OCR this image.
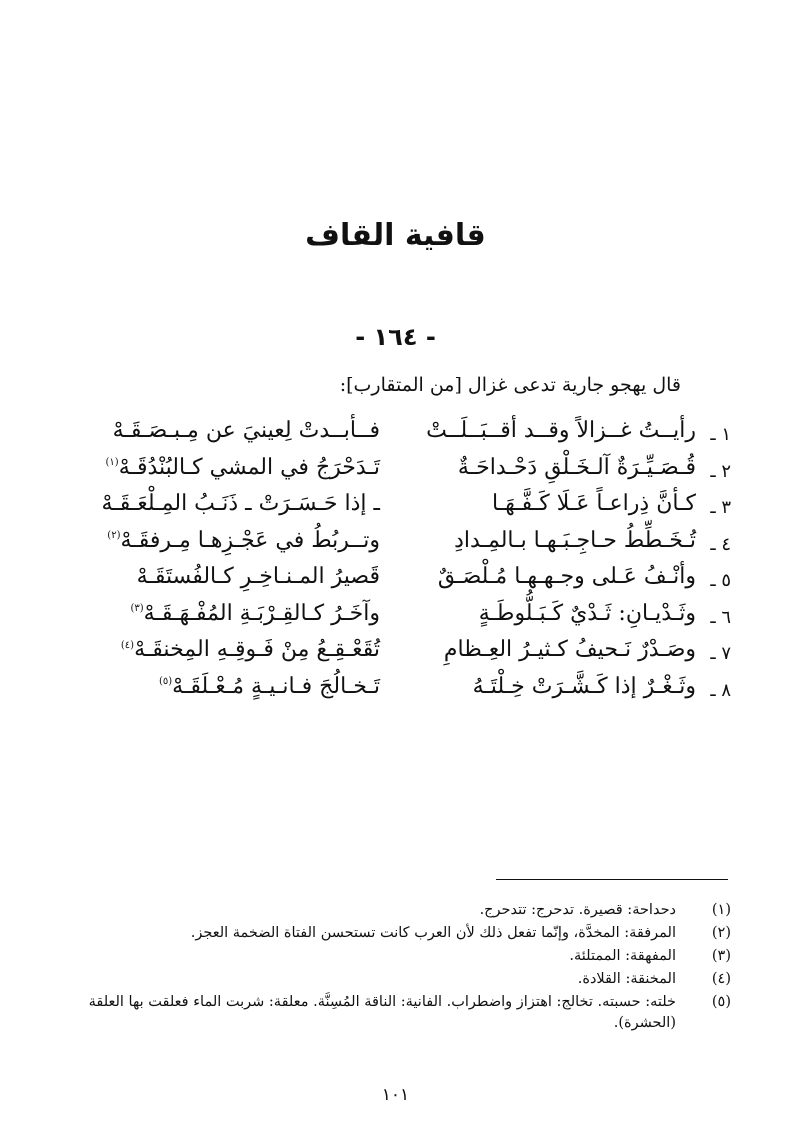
قافية القاف
- ١٦٤ -
قال يهجو جارية تدعى غزال [من المتقارب]:
١ ـ
رأيــتُ غــزالاً وقــد أقــبَــلَــتْ
فــأبــدتْ لِعينيَ عن مِـبـصَـقَـهْ
٢ ـ
قُـصَـيِّـرَةٌ آلـخَـلْقِ دَحْـداحَـةٌ
تَـدَحْرَجُ في المشي كـالبُنْدُقَـهْ$^{(١)}$
٣ ـ
كـأنَّ ذِراعـاً عَـلَا كَـفَّـهَـا
ـ إذا حَـسَـرَتْ ـ ذَنَـبُ المِـلْعَـقَـهْ
٤ ـ
تُـخَـطِّطُ حـاجِـبَـهـا بـالمِـدادِ
وتــربُطُ في عَجْـزِهـا مِـرفقَـهْ$^{(٢)}$
٥ ـ
وأنْـفُ عَـلى وجـهـهـا مُـلْصَـقٌ
قَصيرُ المـنـاخِـرِ كـالفُستَقَـهْ
٦ ـ
وثَـدْيـانِ: ثَـدْيٌ كَـبَـلُّوطَـةٍ
وآخَـرُ كـالقِـرْبَـةِ المُفْـهَـقَـهْ$^{(٣)}$
٧ ـ
وصَـدْرٌ نَـحيفُ كـثيـرُ العِـظامِ
تُقَعْـقِـعُ مِنْ فَـوقِـهِ المِخنقَـهْ$^{(٤)}$
٨ ـ
وثَـغْـرٌ إذا كَـشَّـرَتْ خِـلْتَـهُ
تَـخـالُجَ فـانـيـةٍ مُـعْـلَقَـهْ$^{(٥)}$
(١)
دحداحة: قصيرة. تدحرج: تتدحرج.
(٢)
المرفقة: المخدَّة، وإنّما تفعل ذلك لأن العرب كانت تستحسن الفتاة الضخمة العجز.
(٣)
المفهقة: الممتلئة.
(٤)
المخنقة: القلادة.
(٥)
خلته: حسبته. تخالج: اهتزاز واضطراب. الفانية: الناقة المُسِنَّة. معلقة: شربت الماء فعلقت بها العلقة (الحشرة).
١٠١
